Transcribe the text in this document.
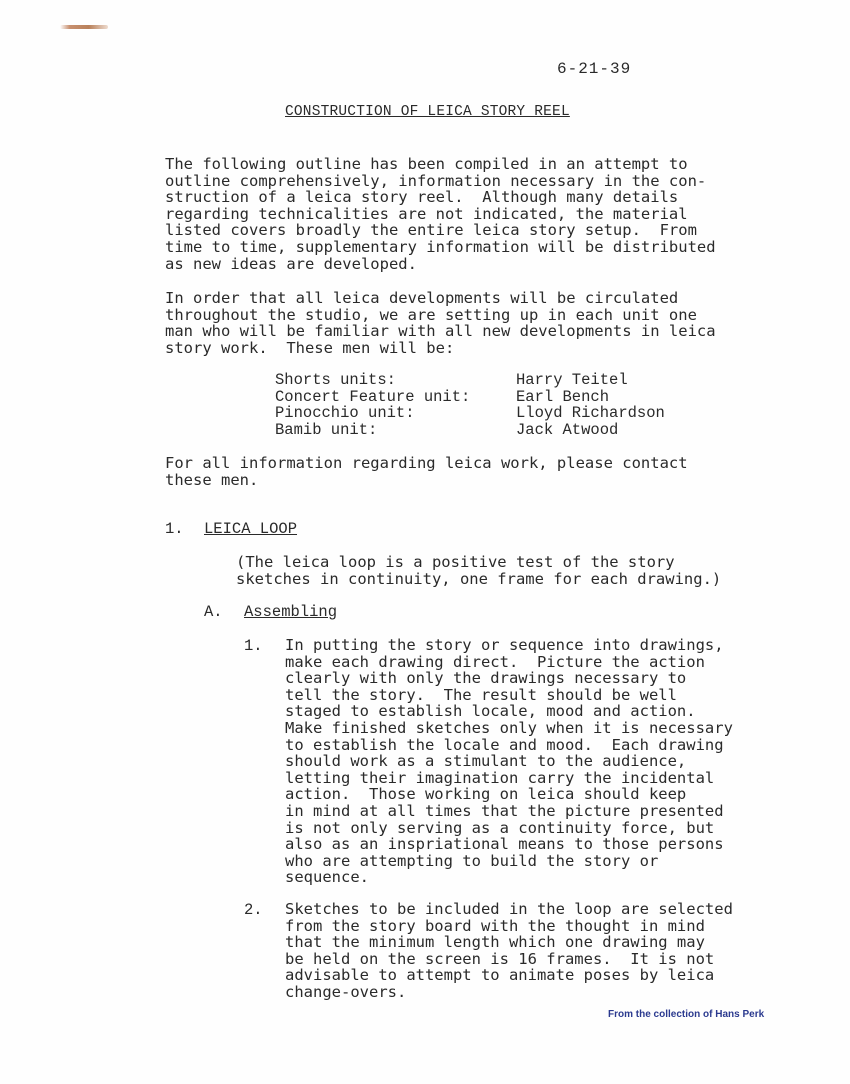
6-21-39
CONSTRUCTION OF LEICA STORY REEL
The following outline has been compiled in an attempt to
outline comprehensively, information necessary in the con-
struction of a leica story reel.  Although many details
regarding technicalities are not indicated, the material
listed covers broadly the entire leica story setup.  From
time to time, supplementary information will be distributed
as new ideas are developed.
In order that all leica developments will be circulated
throughout the studio, we are setting up in each unit one
man who will be familiar with all new developments in leica
story work.  These men will be:
Shorts units:	Harry Teitel
Concert Feature unit:	Earl Bench
Pinocchio unit:	Lloyd Richardson
Bamib unit:	Jack Atwood
For all information regarding leica work, please contact
these men.
1. LEICA LOOP
(The leica loop is a positive test of the story
sketches in continuity, one frame for each drawing.)
A. Assembling
1. In putting the story or sequence into drawings,
make each drawing direct.  Picture the action
clearly with only the drawings necessary to
tell the story.  The result should be well
staged to establish locale, mood and action.
Make finished sketches only when it is necessary
to establish the locale and mood.  Each drawing
should work as a stimulant to the audience,
letting their imagination carry the incidental
action.  Those working on leica should keep
in mind at all times that the picture presented
is not only serving as a continuity force, but
also as an inspriational means to those persons
who are attempting to build the story or
sequence.
2. Sketches to be included in the loop are selected
from the story board with the thought in mind
that the minimum length which one drawing may
be held on the screen is 16 frames.  It is not
advisable to attempt to animate poses by leica
change-overs.
From the collection of Hans Perk
